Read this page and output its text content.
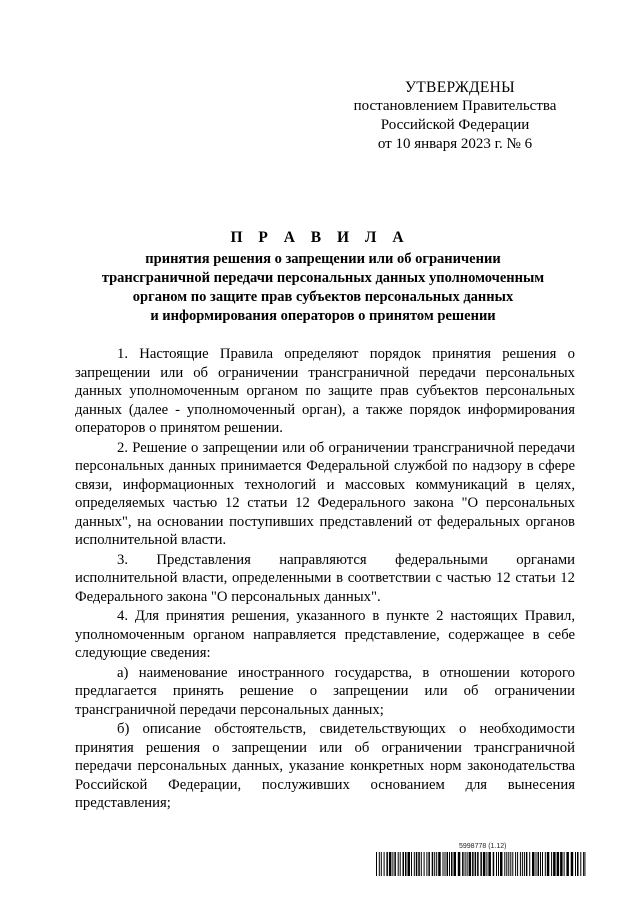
УТВЕРЖДЕНЫ
постановлением Правительства
Российской Федерации
от 10 января 2023 г. № 6
П Р А В И Л А
принятия решения о запрещении или об ограничении
трансграничной передачи персональных данных уполномоченным
органом по защите прав субъектов персональных данных
и информирования операторов о принятом решении

1. Настоящие Правила определяют порядок принятия решения о запрещении или об ограничении трансграничной передачи персональных данных уполномоченным органом по защите прав субъектов персональных данных (далее - уполномоченный орган), а также порядок информирования операторов о принятом решении.

2. Решение о запрещении или об ограничении трансграничной передачи персональных данных принимается Федеральной службой по надзору в сфере связи, информационных технологий и массовых коммуникаций в целях, определяемых частью 12 статьи 12 Федерального закона "О персональных данных", на основании поступивших представлений от федеральных органов исполнительной власти.

3. Представления направляются федеральными органами исполнительной власти, определенными в соответствии с частью 12 статьи 12 Федерального закона "О персональных данных".

4. Для принятия решения, указанного в пункте 2 настоящих Правил, уполномоченным органом направляется представление, содержащее в себе следующие сведения:

а) наименование иностранного государства, в отношении которого предлагается принять решение о запрещении или об ограничении трансграничной передачи персональных данных;

б) описание обстоятельств, свидетельствующих о необходимости принятия решения о запрещении или об ограничении трансграничной передачи персональных данных, указание конкретных норм законодательства Российской Федерации, послуживших основанием для вынесения представления;

5998778 (1.12)
